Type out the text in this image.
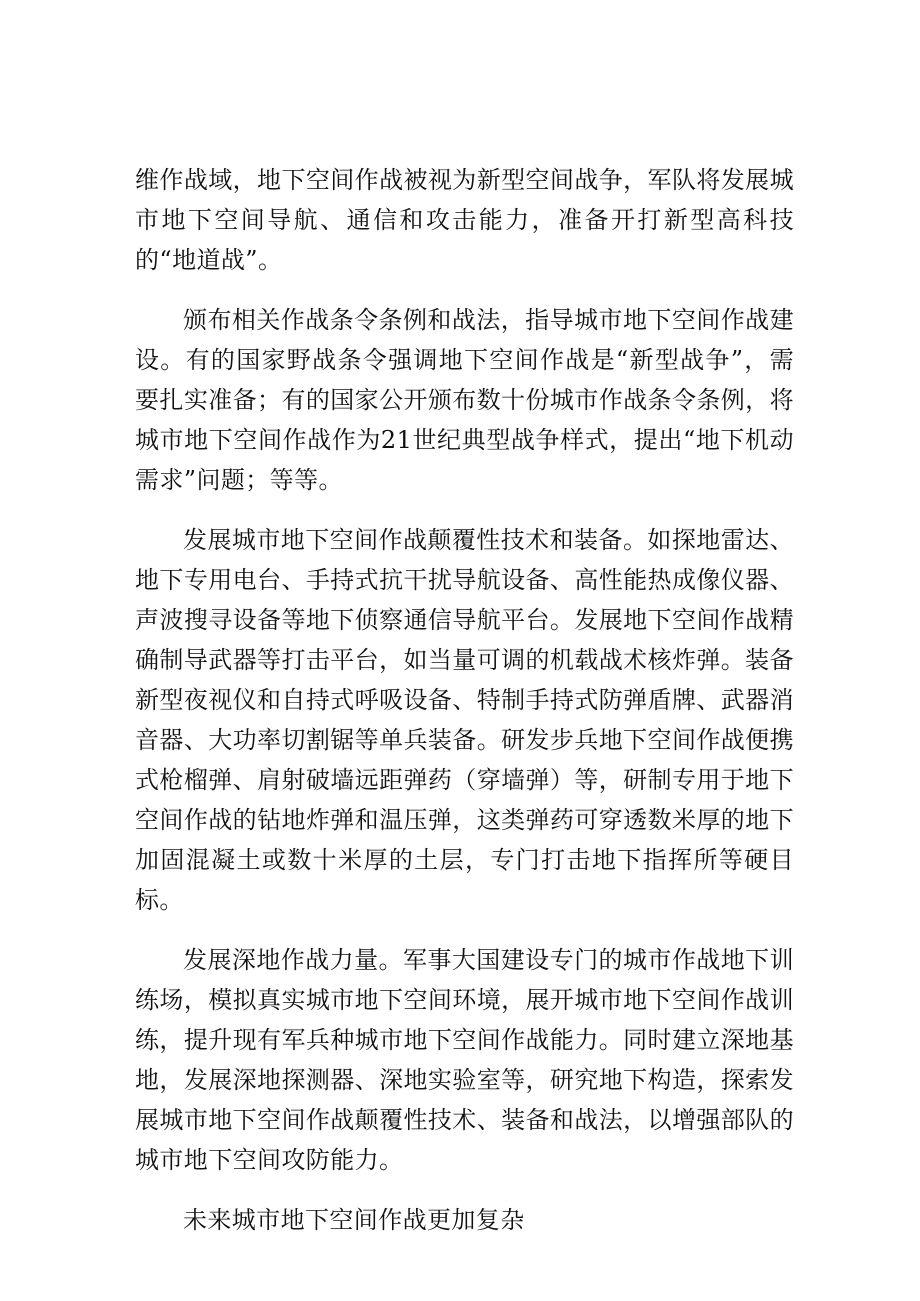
维作战域，地下空间作战被视为新型空间战争，军队将发展城市地下空间导航、通信和攻击能力，准备开打新型高科技的“地道战”。

颁布相关作战条令条例和战法，指导城市地下空间作战建设。有的国家野战条令强调地下空间作战是“新型战争”，需要扎实准备；有的国家公开颁布数十份城市作战条令条例，将城市地下空间作战作为21世纪典型战争样式，提出“地下机动需求”问题；等等。

发展城市地下空间作战颠覆性技术和装备。如探地雷达、地下专用电台、手持式抗干扰导航设备、高性能热成像仪器、声波搜寻设备等地下侦察通信导航平台。发展地下空间作战精确制导武器等打击平台，如当量可调的机载战术核炸弹。装备新型夜视仪和自持式呼吸设备、特制手持式防弹盾牌、武器消音器、大功率切割锯等单兵装备。研发步兵地下空间作战便携式枪榴弹、肩射破墙远距弹药（穿墙弹）等，研制专用于地下空间作战的钻地炸弹和温压弹，这类弹药可穿透数米厚的地下加固混凝土或数十米厚的土层，专门打击地下指挥所等硬目标。

发展深地作战力量。军事大国建设专门的城市作战地下训练场，模拟真实城市地下空间环境，展开城市地下空间作战训练，提升现有军兵种城市地下空间作战能力。同时建立深地基地，发展深地探测器、深地实验室等，研究地下构造，探索发展城市地下空间作战颠覆性技术、装备和战法，以增强部队的城市地下空间攻防能力。

未来城市地下空间作战更加复杂
